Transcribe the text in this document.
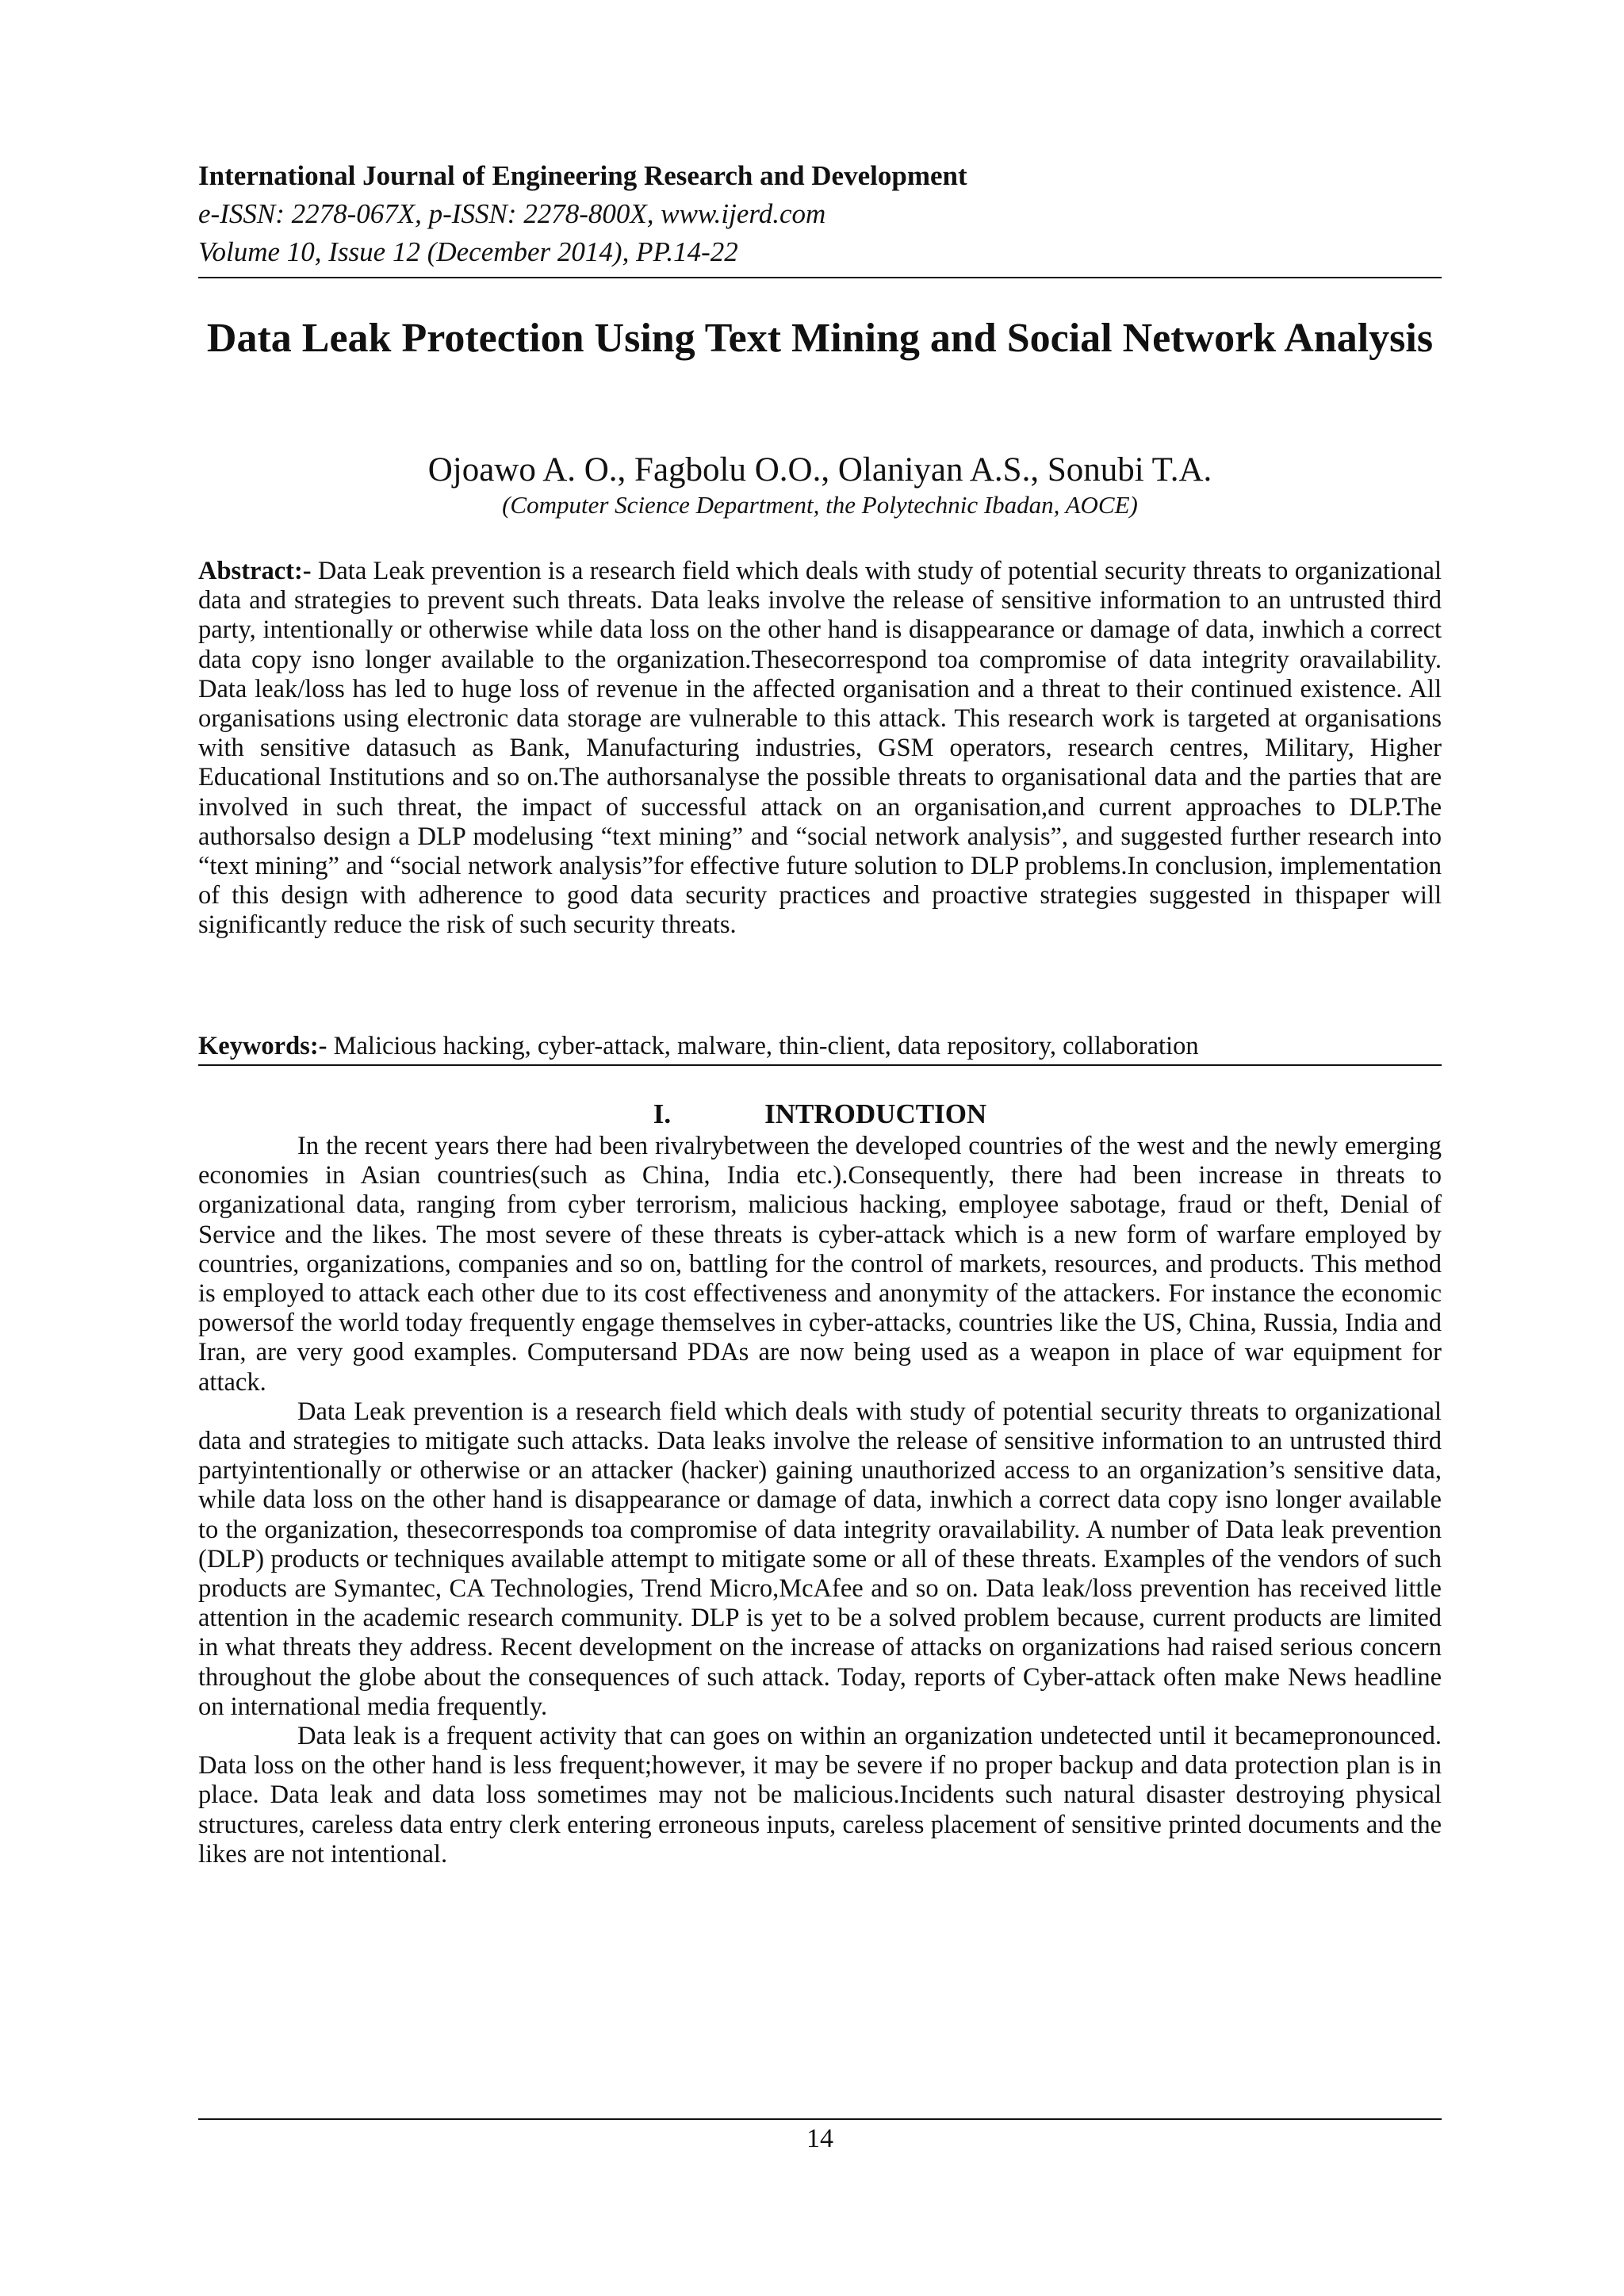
International Journal of Engineering Research and Development
e-ISSN: 2278-067X, p-ISSN: 2278-800X, www.ijerd.com
Volume 10, Issue 12 (December 2014), PP.14-22
Data Leak Protection Using Text Mining and Social Network Analysis
Ojoawo A. O., Fagbolu O.O., Olaniyan A.S., Sonubi T.A.
(Computer Science Department, the Polytechnic Ibadan, AOCE)

Abstract:- Data Leak prevention is a research field which deals with study of potential security threats to organizational data and strategies to prevent such threats. Data leaks involve the release of sensitive information to an untrusted third party, intentionally or otherwise while data loss on the other hand is disappearance or damage of data, inwhich a correct data copy isno longer available to the organization.Thesecorrespond toa compromise of data integrity oravailability. Data leak/loss has led to huge loss of revenue in the affected organisation and a threat to their continued existence. All organisations using electronic data storage are vulnerable to this attack. This research work is targeted at organisations with sensitive datasuch as Bank, Manufacturing industries, GSM operators, research centres, Military, Higher Educational Institutions and so on.The authorsanalyse the possible threats to organisational data and the parties that are involved in such threat, the impact of successful attack on an organisation,and current approaches to DLP.The authorsalso design a DLP modelusing “text mining” and “social network analysis”, and suggested further research into “text mining” and “social network analysis”for effective future solution to DLP problems.In conclusion, implementation of this design with adherence to good data security practices and proactive strategies suggested in thispaper will significantly reduce the risk of such security threats.

Keywords:- Malicious hacking, cyber-attack, malware, thin-client, data repository, collaboration

I.	INTRODUCTION

In the recent years there had been rivalrybetween the developed countries of the west and the newly emerging economies in Asian countries(such as China, India etc.).Consequently, there had been increase in threats to organizational data, ranging from cyber terrorism, malicious hacking, employee sabotage, fraud or theft, Denial of Service and the likes. The most severe of these threats is cyber-attack which is a new form of warfare employed by countries, organizations, companies and so on, battling for the control of markets, resources, and products. This method is employed to attack each other due to its cost effectiveness and anonymity of the attackers. For instance the economic powersof the world today frequently engage themselves in cyber-attacks, countries like the US, China, Russia, India and Iran, are very good examples. Computersand PDAs are now being used as a weapon in place of war equipment for attack.

Data Leak prevention is a research field which deals with study of potential security threats to organizational data and strategies to mitigate such attacks. Data leaks involve the release of sensitive information to an untrusted third partyintentionally or otherwise or an attacker (hacker) gaining unauthorized access to an organization’s sensitive data, while data loss on the other hand is disappearance or damage of data, inwhich a correct data copy isno longer available to the organization, thesecorresponds toa compromise of data integrity oravailability. A number of Data leak prevention (DLP) products or techniques available attempt to mitigate some or all of these threats. Examples of the vendors of such products are Symantec, CA Technologies, Trend Micro,McAfee and so on. Data leak/loss prevention has received little attention in the academic research community. DLP is yet to be a solved problem because, current products are limited in what threats they address. Recent development on the increase of attacks on organizations had raised serious concern throughout the globe about the consequences of such attack. Today, reports of Cyber-attack often make News headline on international media frequently.

Data leak is a frequent activity that can goes on within an organization undetected until it becamepronounced. Data loss on the other hand is less frequent;however, it may be severe if no proper backup and data protection plan is in place. Data leak and data loss sometimes may not be malicious.Incidents such natural disaster destroying physical structures, careless data entry clerk entering erroneous inputs, careless placement of sensitive printed documents and the likes are not intentional.

14
